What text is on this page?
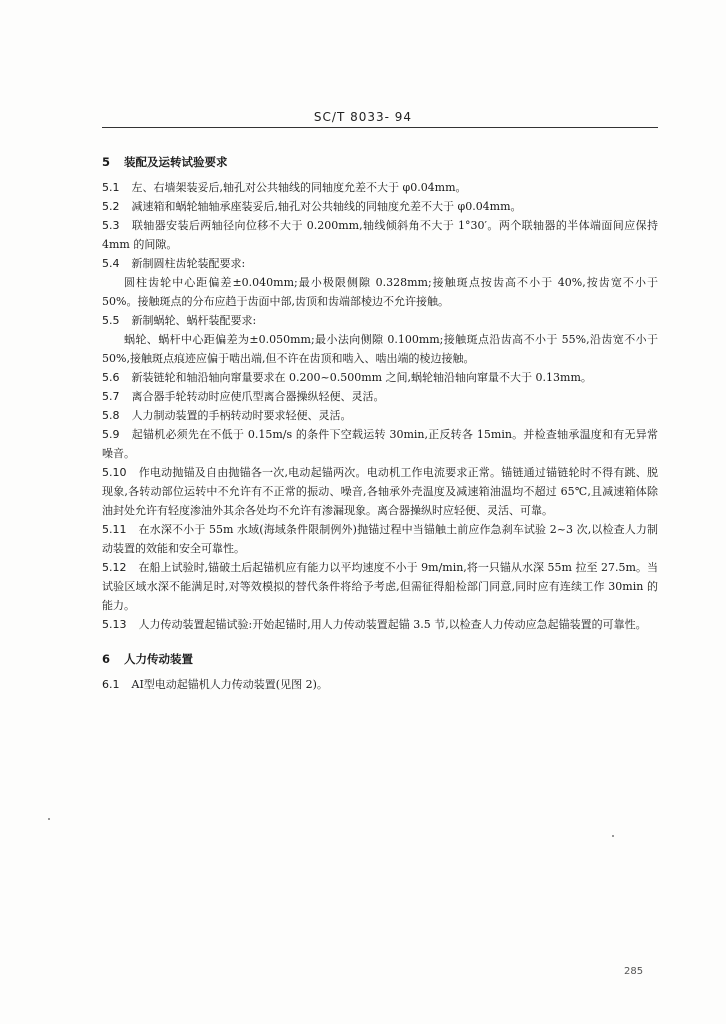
SC/T 8033- 94
5 装配及运转试验要求

5.1 左、右墙架装妥后,轴孔对公共轴线的同轴度允差不大于 φ0.04mm。

5.2 减速箱和蜗轮轴轴承座装妥后,轴孔对公共轴线的同轴度允差不大于 φ0.04mm。

5.3 联轴器安装后两轴径向位移不大于 0.200mm,轴线倾斜角不大于 1°30′。两个联轴器的半体端面间应保持 4mm 的间隙。

5.4 新制圆柱齿轮装配要求:

圆柱齿轮中心距偏差±0.040mm;最小极限侧隙 0.328mm;接触斑点按齿高不小于 40%,按齿宽不小于 50%。接触斑点的分布应趋于齿面中部,齿顶和齿端部棱边不允许接触。

5.5 新制蜗轮、蜗杆装配要求:

蜗轮、蜗杆中心距偏差为±0.050mm;最小法向侧隙 0.100mm;接触斑点沿齿高不小于 55%,沿齿宽不小于 50%,接触斑点痕迹应偏于啮出端,但不许在齿顶和啮入、啮出端的棱边接触。

5.6 新装链轮和轴沿轴向窜量要求在 0.200~0.500mm 之间,蜗轮轴沿轴向窜量不大于 0.13mm。

5.7 离合器手轮转动时应使爪型离合器操纵轻便、灵活。

5.8 人力制动装置的手柄转动时要求轻便、灵活。

5.9 起锚机必须先在不低于 0.15m/s 的条件下空载运转 30min,正反转各 15min。并检查轴承温度和有无异常噪音。

5.10 作电动抛锚及自由抛锚各一次,电动起锚两次。电动机工作电流要求正常。锚链通过锚链轮时不得有跳、脱现象,各转动部位运转中不允许有不正常的振动、噪音,各轴承外壳温度及减速箱油温均不超过 65℃,且减速箱体除油封处允许有轻度渗油外其余各处均不允许有渗漏现象。离合器操纵时应轻便、灵活、可靠。

5.11 在水深不小于 55m 水域(海域条件限制例外)抛锚过程中当锚触土前应作急刹车试验 2~3 次,以检查人力制动装置的效能和安全可靠性。

5.12 在船上试验时,锚破土后起锚机应有能力以平均速度不小于 9m/min,将一只锚从水深 55m 拉至 27.5m。当试验区域水深不能满足时,对等效模拟的替代条件将给予考虑,但需征得船检部门同意,同时应有连续工作 30min 的能力。

5.13 人力传动装置起锚试验:开始起锚时,用人力传动装置起锚 3.5 节,以检查人力传动应急起锚装置的可靠性。

6 人力传动装置

6.1 AⅠ型电动起锚机人力传动装置(见图 2)。

285
